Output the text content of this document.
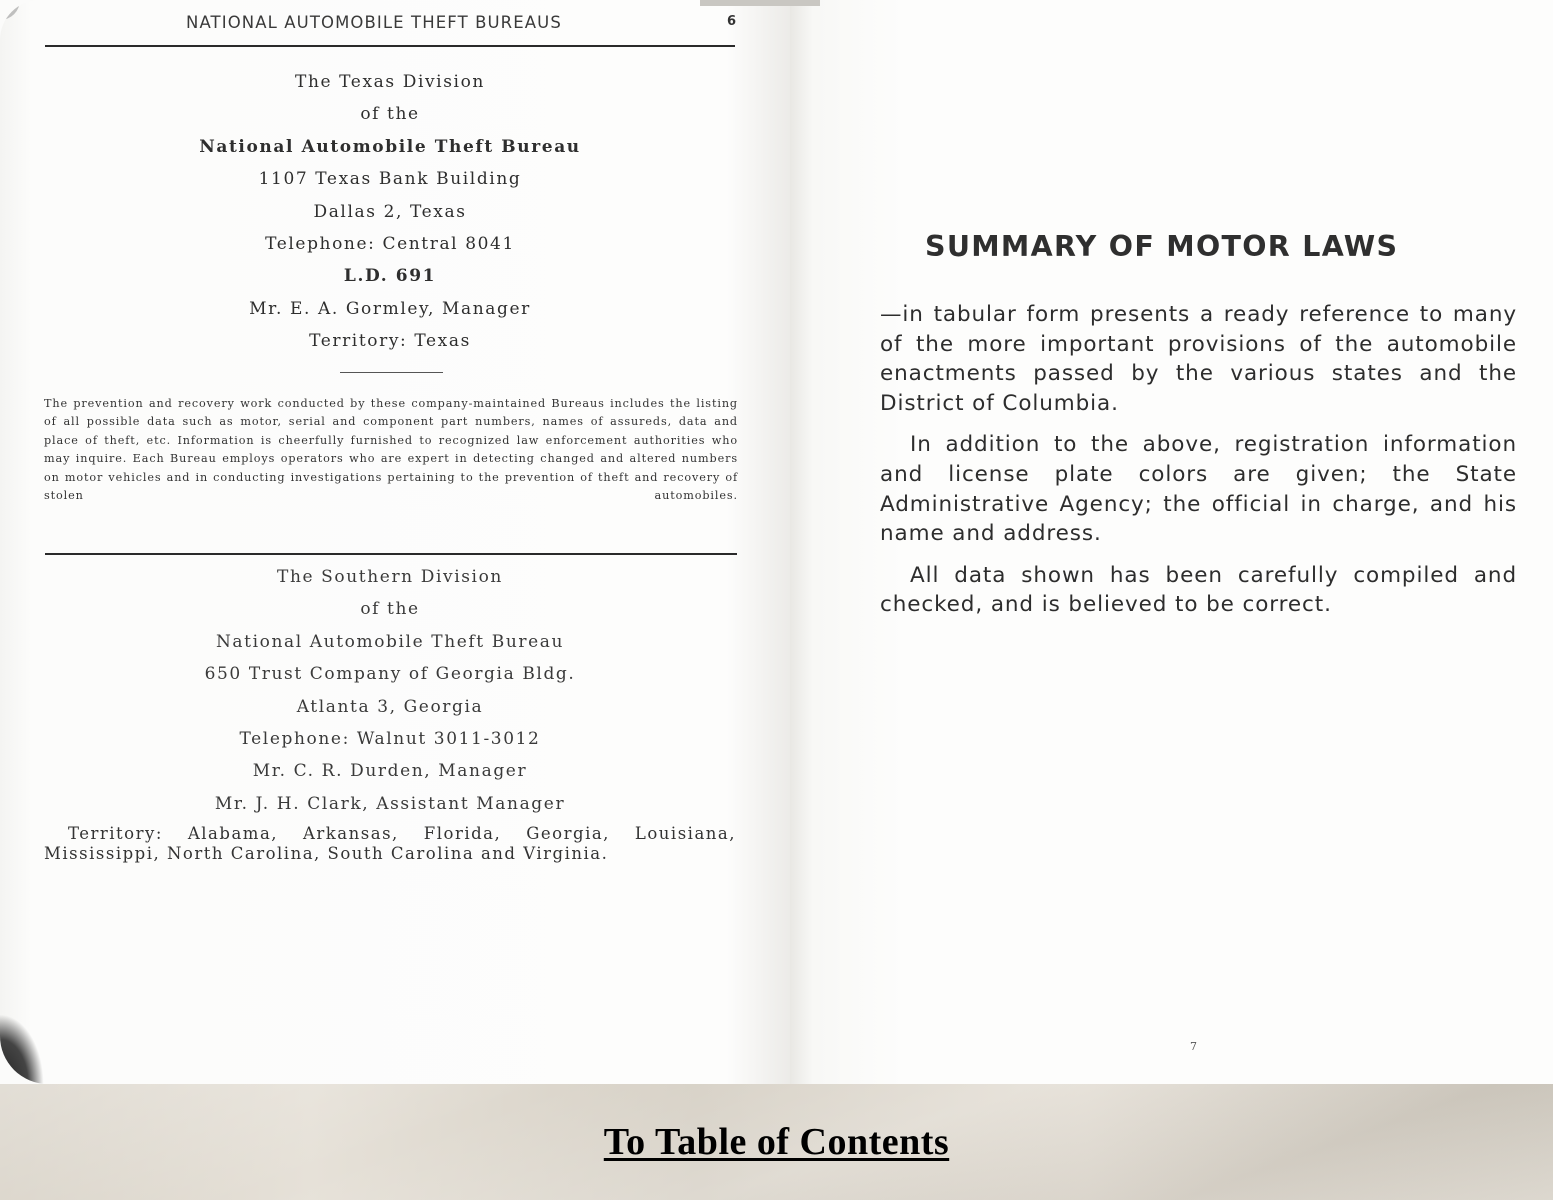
NATIONAL AUTOMOBILE THEFT BUREAUS	6
The Texas Division
of the
National Automobile Theft Bureau
1107 Texas Bank Building
Dallas 2, Texas
Telephone: Central 8041
L.D. 691
Mr. E. A. Gormley, Manager
Territory: Texas
The prevention and recovery work conducted by these company-maintained Bureaus includes the listing of all possible data such as motor, serial and component part numbers, names of assureds, data and place of theft, etc. Information is cheerfully furnished to recognized law enforcement authorities who may inquire. Each Bureau employs operators who are expert in detecting changed and altered numbers on motor vehicles and in conducting investigations pertaining to the prevention of theft and recovery of stolen automobiles.
The Southern Division
of the
National Automobile Theft Bureau
650 Trust Company of Georgia Bldg.
Atlanta 3, Georgia
Telephone: Walnut 3011-3012
Mr. C. R. Durden, Manager
Mr. J. H. Clark, Assistant Manager
Territory: Alabama, Arkansas, Florida, Georgia, Louisiana,
Mississippi, North Carolina, South Carolina and Virginia.
SUMMARY OF MOTOR LAWS

—in tabular form presents a ready reference to many of the more important provisions of the automobile enactments passed by the various states and the District of Columbia.

In addition to the above, registration information and license plate colors are given; the State Administrative Agency; the official in charge, and his name and address.

All data shown has been carefully compiled and checked, and is believed to be correct.

7
To Table of Contents
